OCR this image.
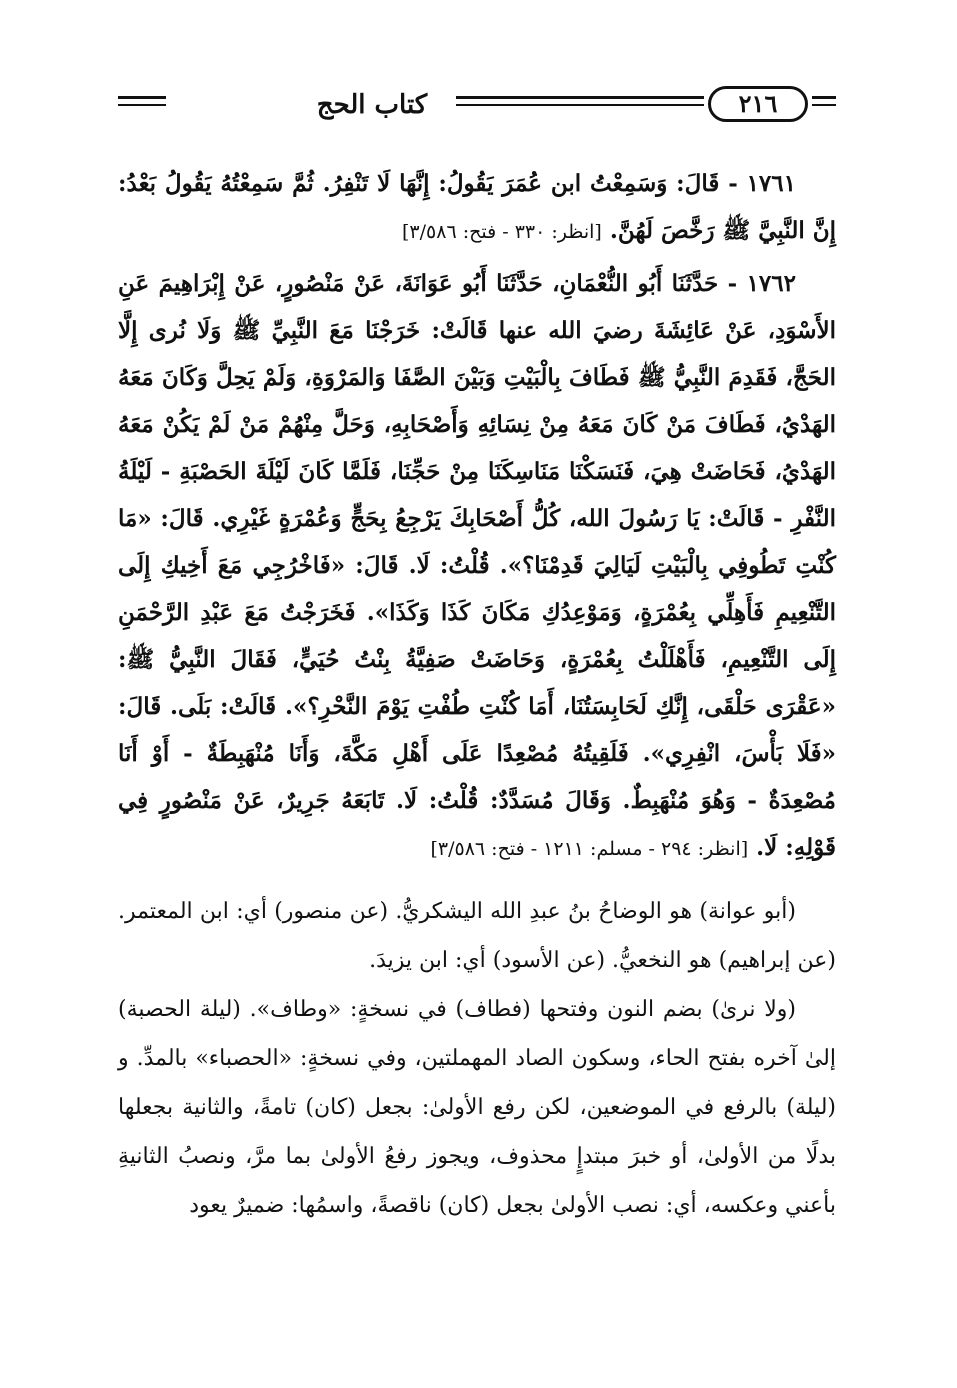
كتاب الحج	٢١٦

١٧٦١ - قَالَ: وَسَمِعْتُ ابن عُمَرَ يَقُولُ: إِنَّهَا لَا تَنْفِرُ. ثُمَّ سَمِعْتُهُ يَقُولُ بَعْدُ: إِنَّ النَّبِيَّ ﷺ رَخَّصَ لَهُنَّ. [انظر: ٣٣٠ - فتح: ٣/٥٨٦]

١٧٦٢ - حَدَّثَنَا أَبُو النُّعْمَانِ، حَدَّثَنَا أَبُو عَوَانَةَ، عَنْ مَنْصُورٍ، عَنْ إِبْرَاهِيمَ عَنِ الأَسْوَدِ، عَنْ عَائِشَةَ رضيَ الله عنها قَالَتْ: خَرَجْنَا مَعَ النَّبِيِّ ﷺ وَلَا نُرى إِلَّا الحَجَّ، فَقَدِمَ النَّبِيُّ ﷺ فَطَافَ بِالْبَيْتِ وَبَيْنَ الصَّفَا وَالمَرْوَةِ، وَلَمْ يَحِلَّ وَكَانَ مَعَهُ الهَدْيُ، فَطَافَ مَنْ كَانَ مَعَهُ مِنْ نِسَائِهِ وَأَصْحَابِهِ، وَحَلَّ مِنْهُمْ مَنْ لَمْ يَكُنْ مَعَهُ الهَدْيُ، فَحَاضَتْ هِيَ، فَنَسَكْنَا مَنَاسِكَنَا مِنْ حَجِّنَا، فَلَمَّا كَانَ لَيْلَةَ الحَصْبَةِ - لَيْلَةُ النَّفْرِ - قَالَتْ: يَا رَسُولَ الله، كُلُّ أَصْحَابِكَ يَرْجِعُ بِحَجٍّ وَعُمْرَةٍ غَيْرِي. قَالَ: «مَا كُنْتِ تَطُوفِي بِالْبَيْتِ لَيَالِيَ قَدِمْنَا؟». قُلْتُ: لَا. قَالَ: «فَاخْرُجِي مَعَ أَخِيكِ إِلَى التَّنْعِيمِ فَأَهِلِّي بِعُمْرَةٍ، وَمَوْعِدُكِ مَكَانَ كَذَا وَكَذَا». فَخَرَجْتُ مَعَ عَبْدِ الرَّحْمَنِ إِلَى التَّنْعِيمِ، فَأَهْلَلْتُ بِعُمْرَةٍ، وَحَاضَتْ صَفِيَّةُ بِنْتُ حُيَيٍّ، فَقَالَ النَّبِيُّ ﷺ: «عَقْرَى حَلْقَى، إِنَّكِ لَحَابِسَتُنَا، أَمَا كُنْتِ طُفْتِ يَوْمَ النَّحْرِ؟». قَالَتْ: بَلَى. قَالَ: «فَلَا بَأْسَ، انْفِرِي». فَلَقِيتُهُ مُصْعِدًا عَلَى أَهْلِ مَكَّةَ، وَأَنَا مُنْهَبِطَةٌ - أَوْ أَنَا مُصْعِدَةٌ - وَهُوَ مُنْهَبِطٌ. وَقَالَ مُسَدَّدٌ: قُلْتُ: لَا. تَابَعَهُ جَرِيرٌ، عَنْ مَنْصُورٍ فِي قَوْلِهِ: لَا. [انظر: ٢٩٤ - مسلم: ١٢١١ - فتح: ٣/٥٨٦]

(أبو عوانة) هو الوضاحُ بنُ عبدِ الله اليشكريُّ. (عن منصور) أي: ابن المعتمر. (عن إبراهيم) هو النخعيُّ. (عن الأسود) أي: ابن يزيدَ.

(ولا نرىٰ) بضم النون وفتحها (فطاف) في نسخةٍ: «وطاف». (ليلة الحصبة) إلىٰ آخره بفتح الحاء، وسكون الصاد المهملتين، وفي نسخةٍ: «الحصباء» بالمدِّ. و (ليلة) بالرفع في الموضعين، لكن رفع الأولىٰ: بجعل (كان) تامةً، والثانية بجعلها بدلًا من الأولىٰ، أو خبرَ مبتدإٍ محذوف، ويجوز رفعُ الأولىٰ بما مرَّ، ونصبُ الثانيةِ بأعني وعكسه، أي: نصب الأولىٰ بجعل (كان) ناقصةً، واسمُها: ضميرٌ يعود
